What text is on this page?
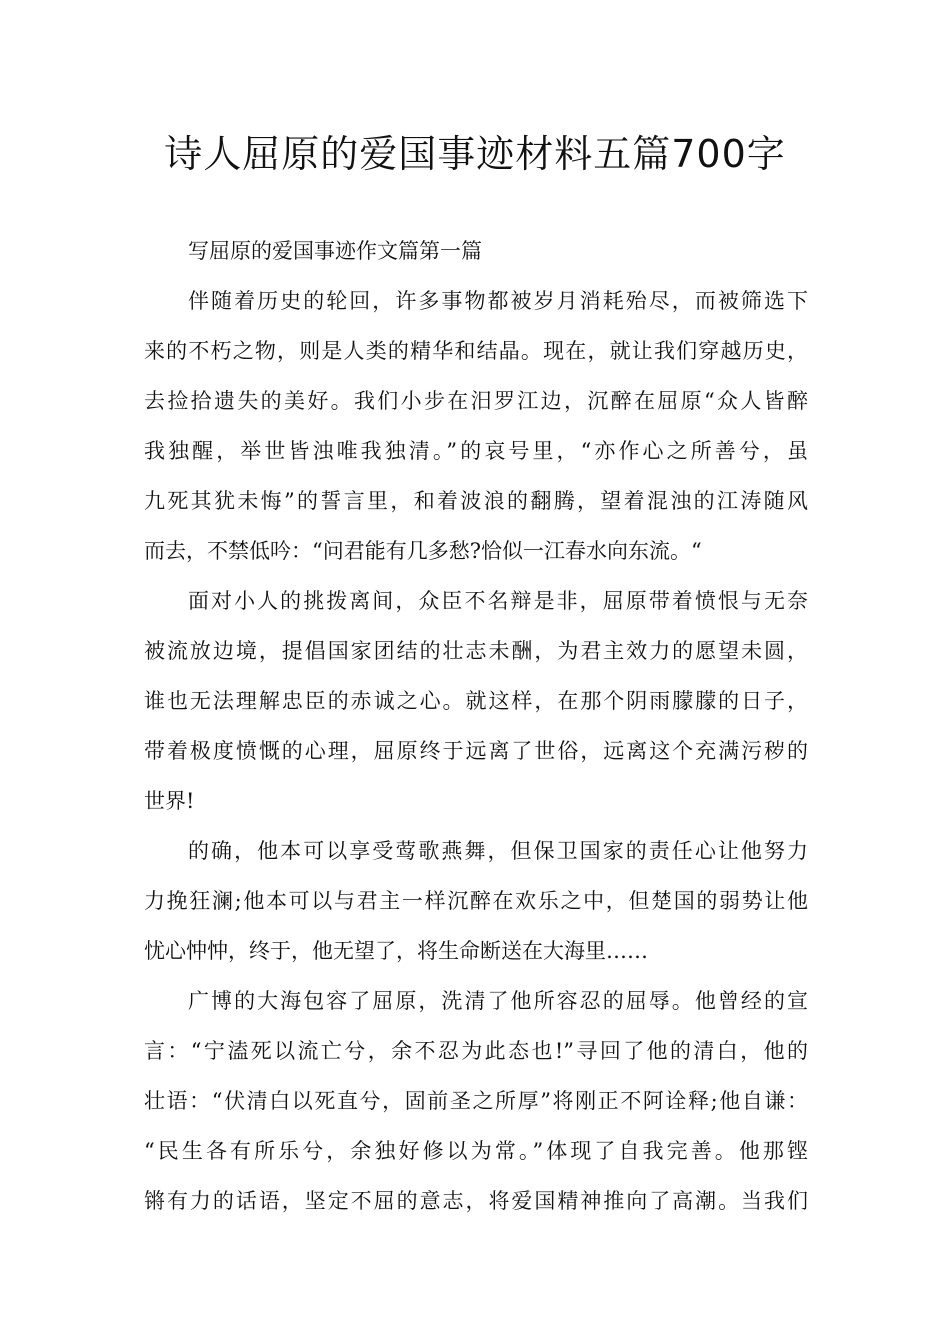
诗人屈原的爱国事迹材料五篇700字
写屈原的爱国事迹作文篇第一篇
伴随着历史的轮回，许多事物都被岁月消耗殆尽，而被筛选下
来的不朽之物，则是人类的精华和结晶。现在，就让我们穿越历史，
去捡拾遗失的美好。我们小步在汨罗江边，沉醉在屈原“众人皆醉
我独醒，举世皆浊唯我独清。”的哀号里，“亦作心之所善兮，虽
九死其犹未悔”的誓言里，和着波浪的翻腾，望着混浊的江涛随风
而去，不禁低吟：“问君能有几多愁?恰似一江春水向东流。“
面对小人的挑拨离间，众臣不名辩是非，屈原带着愤恨与无奈
被流放边境，提倡国家团结的壮志未酬，为君主效力的愿望未圆，
谁也无法理解忠臣的赤诚之心。就这样，在那个阴雨朦朦的日子，
带着极度愤慨的心理，屈原终于远离了世俗，远离这个充满污秽的
世界!
的确，他本可以享受莺歌燕舞，但保卫国家的责任心让他努力
力挽狂澜;他本可以与君主一样沉醉在欢乐之中，但楚国的弱势让他
忧心忡忡，终于，他无望了，将生命断送在大海里……
广博的大海包容了屈原，洗清了他所容忍的屈辱。他曾经的宣
言：“宁溘死以流亡兮，余不忍为此态也!”寻回了他的清白，他的
壮语：“伏清白以死直兮，固前圣之所厚”将刚正不阿诠释;他自谦：
“民生各有所乐兮，余独好修以为常。”体现了自我完善。他那铿
锵有力的话语，坚定不屈的意志，将爱国精神推向了高潮。当我们
